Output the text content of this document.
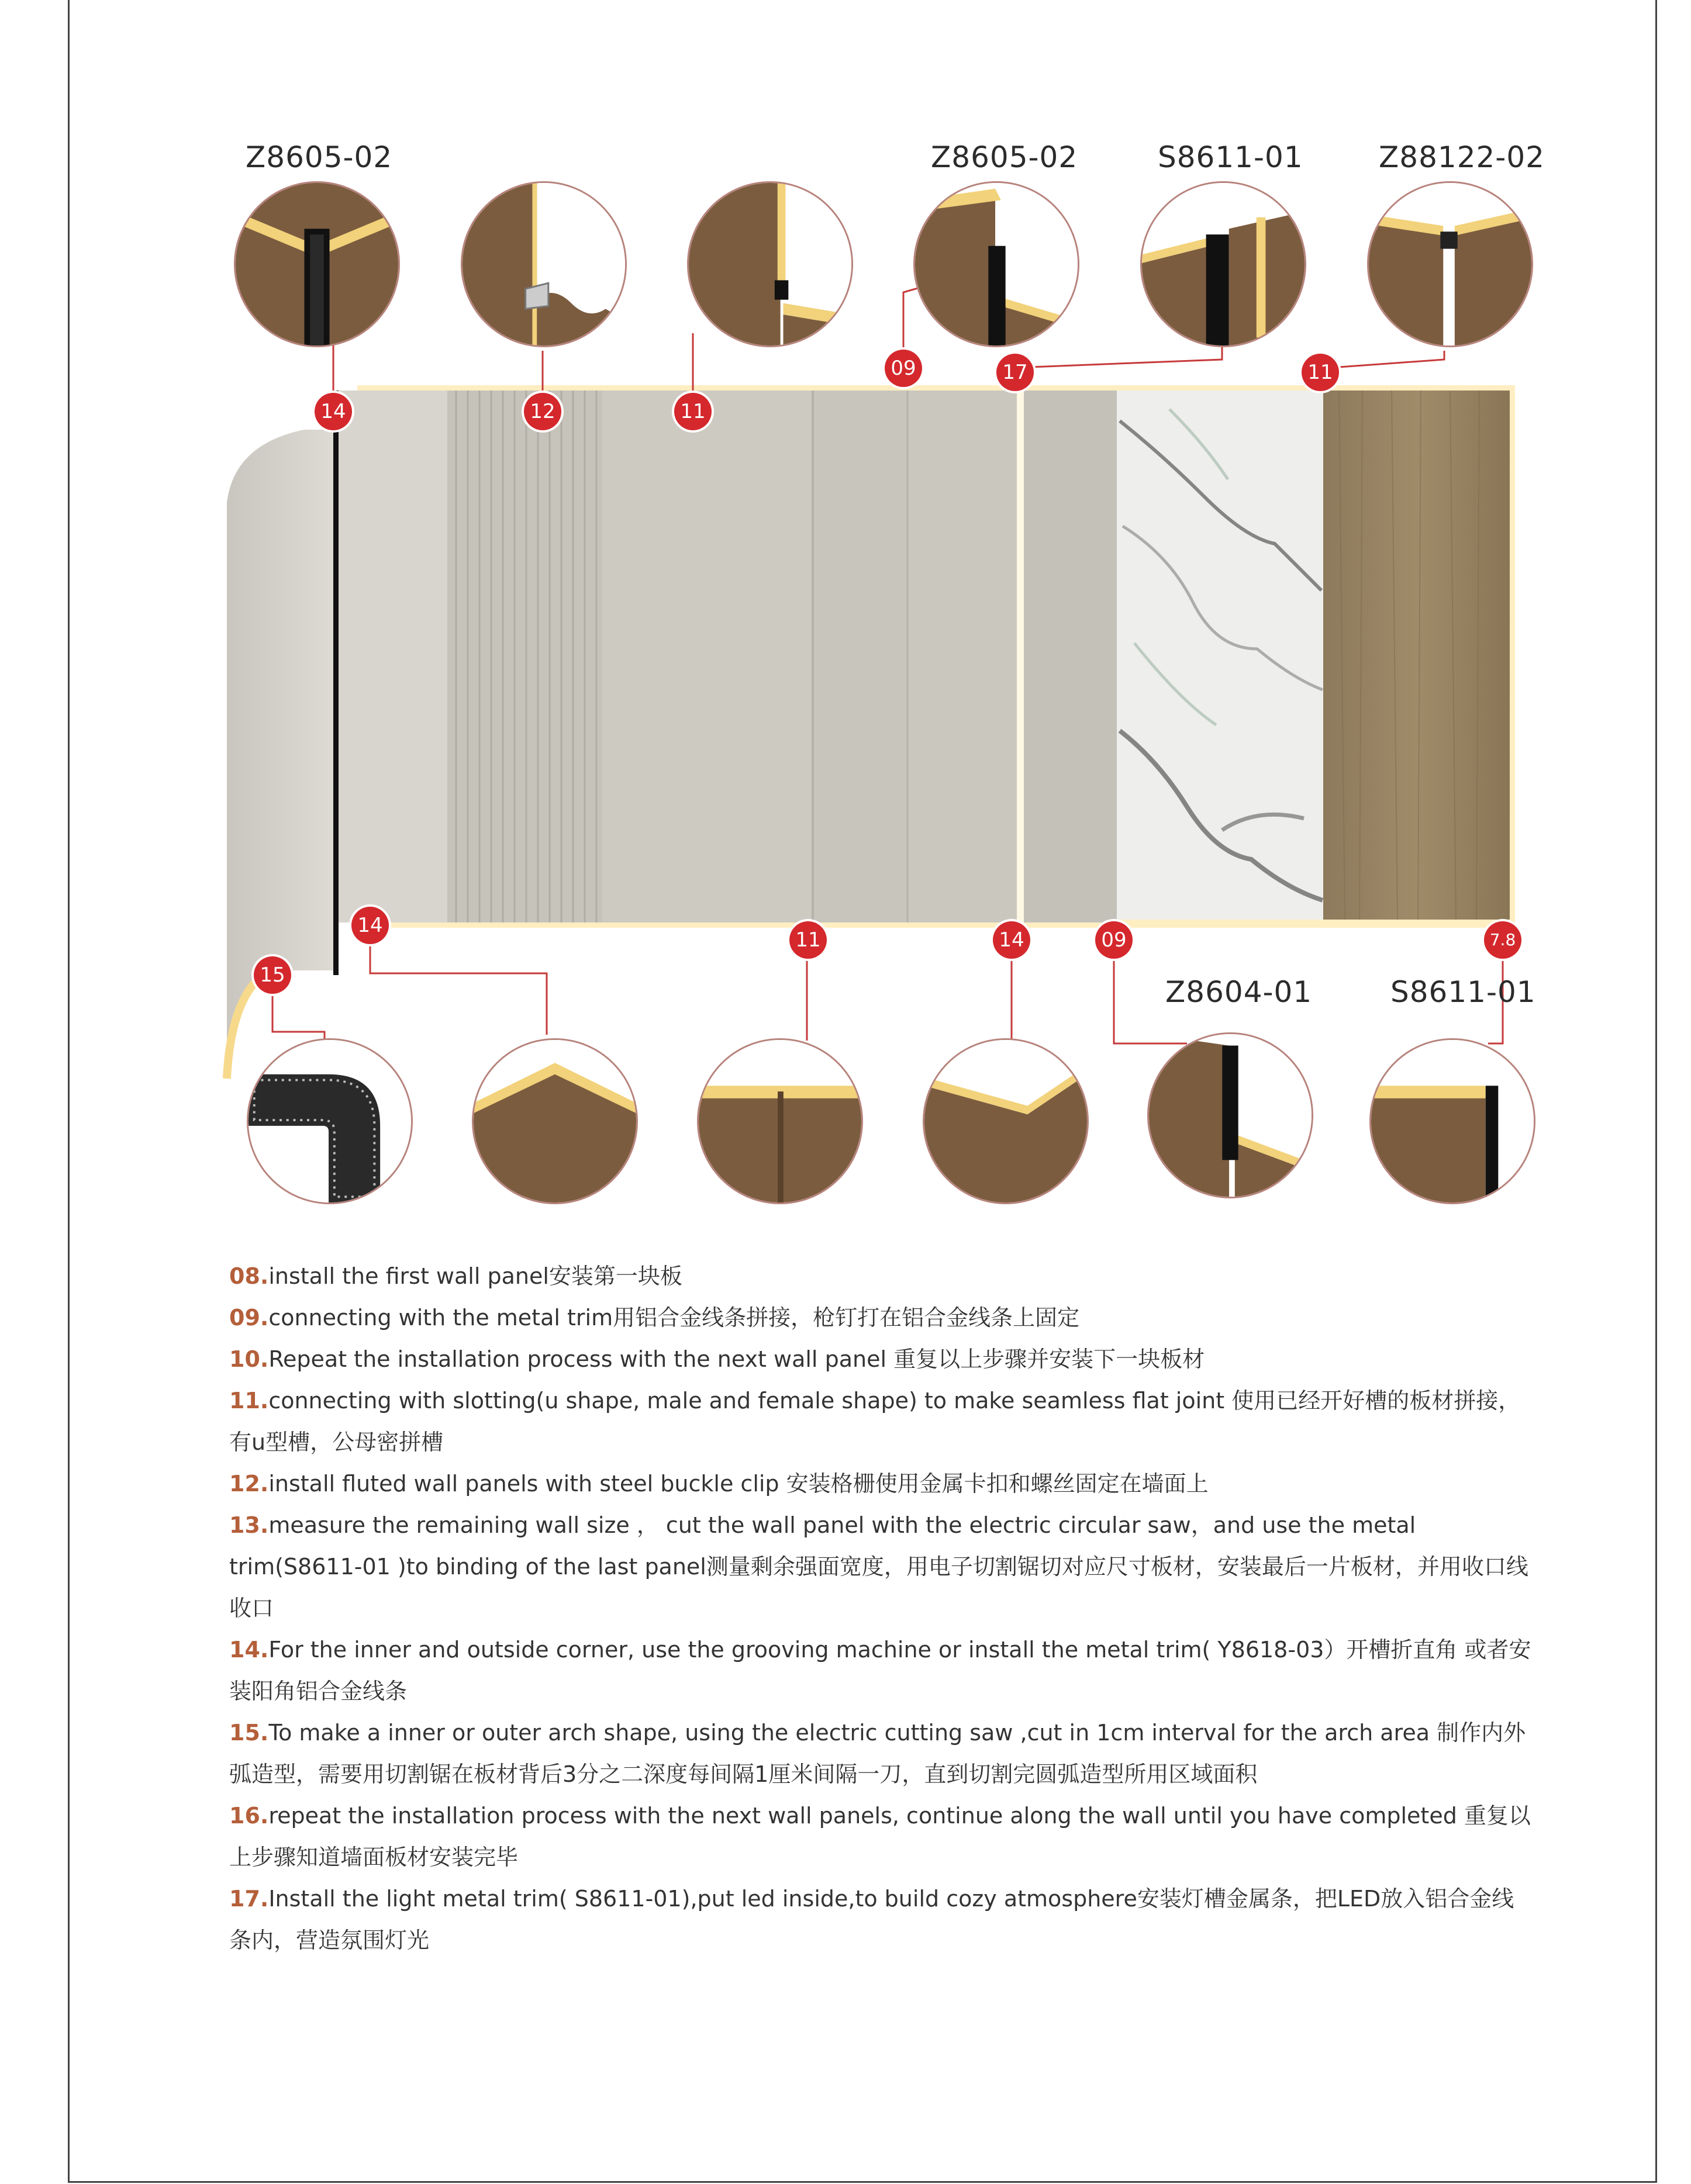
Z8605-02	Z8605-02	S8611-01	Z88122-02
Z8604-01	S8611-01
14	12	11
09	17	11
14
15
11	14	09	7.8

08.install the first wall panel安装第一块板

09.connecting with the metal trim用铝合金线条拼接，枪钉打在铝合金线条上固定

10.Repeat the installation process with the next wall panel 重复以上步骤并安装下一块板材

11.connecting with slotting(u shape, male and female shape) to make seamless flat joint 使用已经开好槽的板材拼接，有u型槽，公母密拼槽

12.install fluted wall panels with steel buckle clip 安装格栅使用金属卡扣和螺丝固定在墙面上

13.measure the remaining wall size ， cut the wall panel with the electric circular saw，and use the metal trim(S8611-01 )to binding of the last panel测量剩余强面宽度，用电子切割锯切对应尺寸板材，安装最后一片板材，并用收口线收口

14.For the inner and outside corner, use the grooving machine or install the metal trim( Y8618-03）开槽折直角 或者安装阳角铝合金线条

15.To make a inner or outer arch shape, using the electric cutting saw ,cut in 1cm interval for the arch area 制作内外弧造型，需要用切割锯在板材背后3分之二深度每间隔1厘米间隔一刀，直到切割完圆弧造型所用区域面积

16.repeat the installation process with the next wall panels, continue along the wall until you have completed 重复以上步骤知道墙面板材安装完毕

17.Install the light metal trim( S8611-01),put led inside,to build cozy atmosphere安装灯槽金属条，把LED放入铝合金线条内，营造氛围灯光
